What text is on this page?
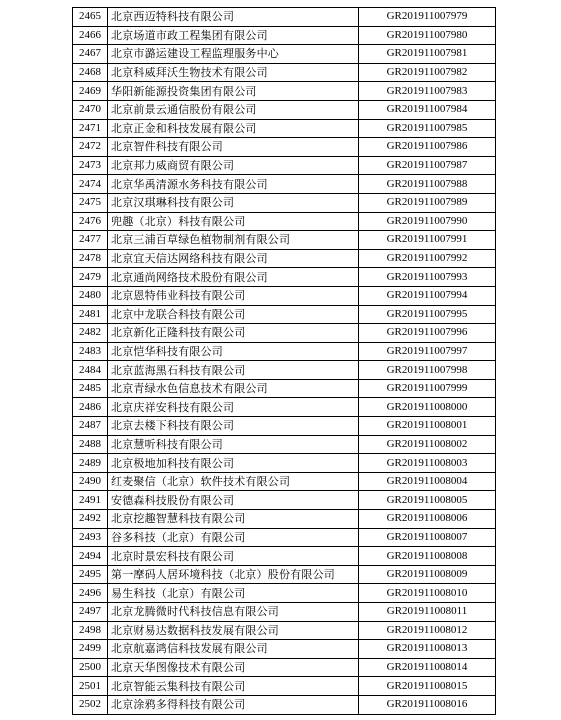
2465	北京西迈特科技有限公司	GR201911007979
2466	北京场道市政工程集团有限公司	GR201911007980
2467	北京市潞运建设工程监理服务中心	GR201911007981
2468	北京科威拜沃生物技术有限公司	GR201911007982
2469	华阳新能源投资集团有限公司	GR201911007983
2470	北京前景云通信股份有限公司	GR201911007984
2471	北京正金和科技发展有限公司	GR201911007985
2472	北京智件科技有限公司	GR201911007986
2473	北京邦力威商贸有限公司	GR201911007987
2474	北京华禹清源水务科技有限公司	GR201911007988
2475	北京汉琪琳科技有限公司	GR201911007989
2476	兜趣（北京）科技有限公司	GR201911007990
2477	北京三浦百草绿色植物制剂有限公司	GR201911007991
2478	北京宜天信达网络科技有限公司	GR201911007992
2479	北京通尚网络技术股份有限公司	GR201911007993
2480	北京恩特伟业科技有限公司	GR201911007994
2481	北京中龙联合科技有限公司	GR201911007995
2482	北京新化正隆科技有限公司	GR201911007996
2483	北京恺华科技有限公司	GR201911007997
2484	北京蓝海黑石科技有限公司	GR201911007998
2485	北京青绿水色信息技术有限公司	GR201911007999
2486	北京庆祥安科技有限公司	GR201911008000
2487	北京去楼下科技有限公司	GR201911008001
2488	北京慧听科技有限公司	GR201911008002
2489	北京极地加科技有限公司	GR201911008003
2490	红麦聚信（北京）软件技术有限公司	GR201911008004
2491	安德森科技股份有限公司	GR201911008005
2492	北京挖趣智慧科技有限公司	GR201911008006
2493	谷多科技（北京）有限公司	GR201911008007
2494	北京时景宏科技有限公司	GR201911008008
2495	第一摩码人居环境科技（北京）股份有限公司	GR201911008009
2496	易生科技（北京）有限公司	GR201911008010
2497	北京龙腾微时代科技信息有限公司	GR201911008011
2498	北京财易达数据科技发展有限公司	GR201911008012
2499	北京航嘉鸿信科技发展有限公司	GR201911008013
2500	北京天华图像技术有限公司	GR201911008014
2501	北京智能云集科技有限公司	GR201911008015
2502	北京涂鸦多得科技有限公司	GR201911008016
